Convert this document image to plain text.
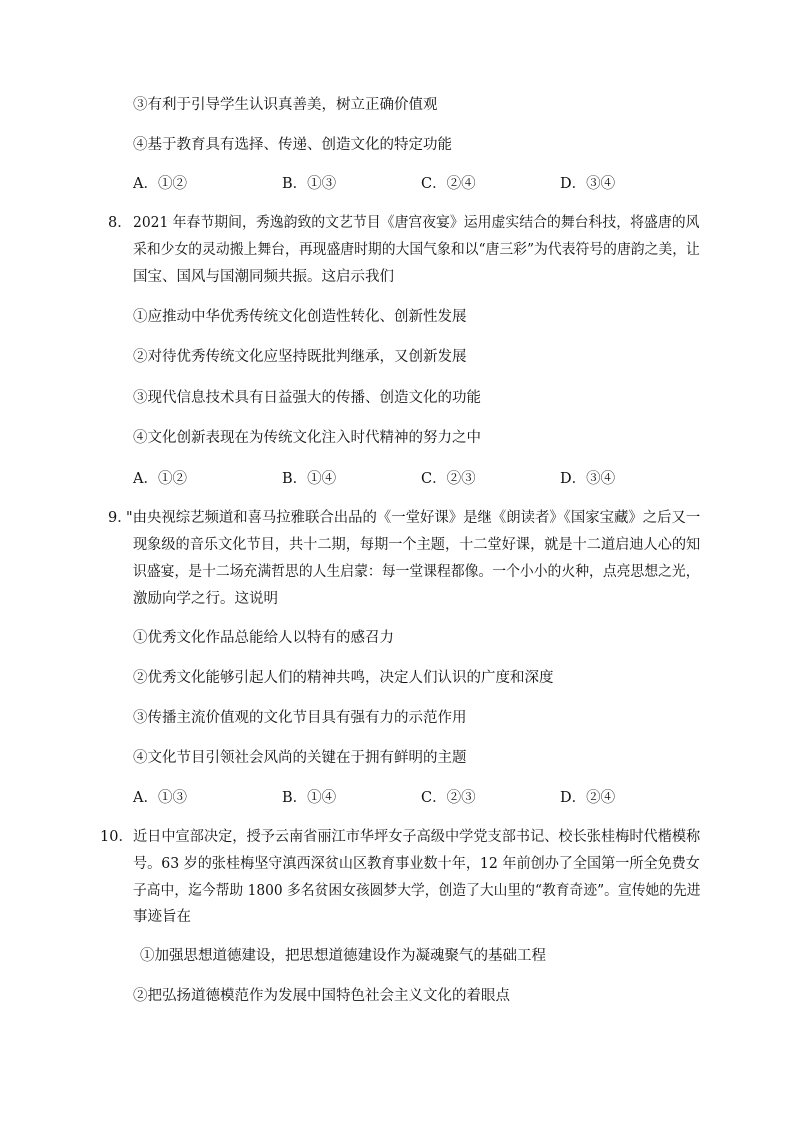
③有利于引导学生认识真善美，树立正确价值观
④基于教育具有选择、传递、创造文化的特定功能
A．①②	B．①③	C．②④	D．③④
8． 2021 年春节期间，秀逸韵致的文艺节目《唐宫夜宴》运用虚实结合的舞台科技，将盛唐的风
采和少女的灵动搬上舞台，再现盛唐时期的大国气象和以“唐三彩”为代表符号的唐韵之美，让
国宝、国风与国潮同频共振。这启示我们
①应推动中华优秀传统文化创造性转化、创新性发展
②对待优秀传统文化应坚持既批判继承，又创新发展
③现代信息技术具有日益强大的传播、创造文化的功能
④文化创新表现在为传统文化注入时代精神的努力之中
A．①②	B．①④	C．②③	D．③④
9．
"由央视综艺频道和喜马拉雅联合出品的《一堂好课》是继《朗读者》《国家宝藏》之后又一
现象级的音乐文化节目，共十二期，每期一个主题，十二堂好课，就是十二道启迪人心的知
识盛宴，是十二场充满哲思的人生启蒙：每一堂课程都像。一个小小的火种，点亮思想之光，
激励向学之行。这说明
①优秀文化作品总能给人以特有的感召力
②优秀文化能够引起人们的精神共鸣，决定人们认识的广度和深度
③传播主流价值观的文化节目具有强有力的示范作用
④文化节目引领社会风尚的关键在于拥有鲜明的主题
A．①③	B．①④	C．②③	D．②④
10． 近日中宣部决定，授予云南省丽江市华坪女子高级中学党支部书记、校长张桂梅时代楷模称
号。63 岁的张桂梅坚守滇西深贫山区教育事业数十年，12 年前创办了全国第一所全免费女
子高中，迄今帮助 1800 多名贫困女孩圆梦大学，创造了大山里的“教育奇迹”。宣传她的先进
事迹旨在
①加强思想道德建设，把思想道德建设作为凝魂聚气的基础工程
②把弘扬道德模范作为发展中国特色社会主义文化的着眼点
